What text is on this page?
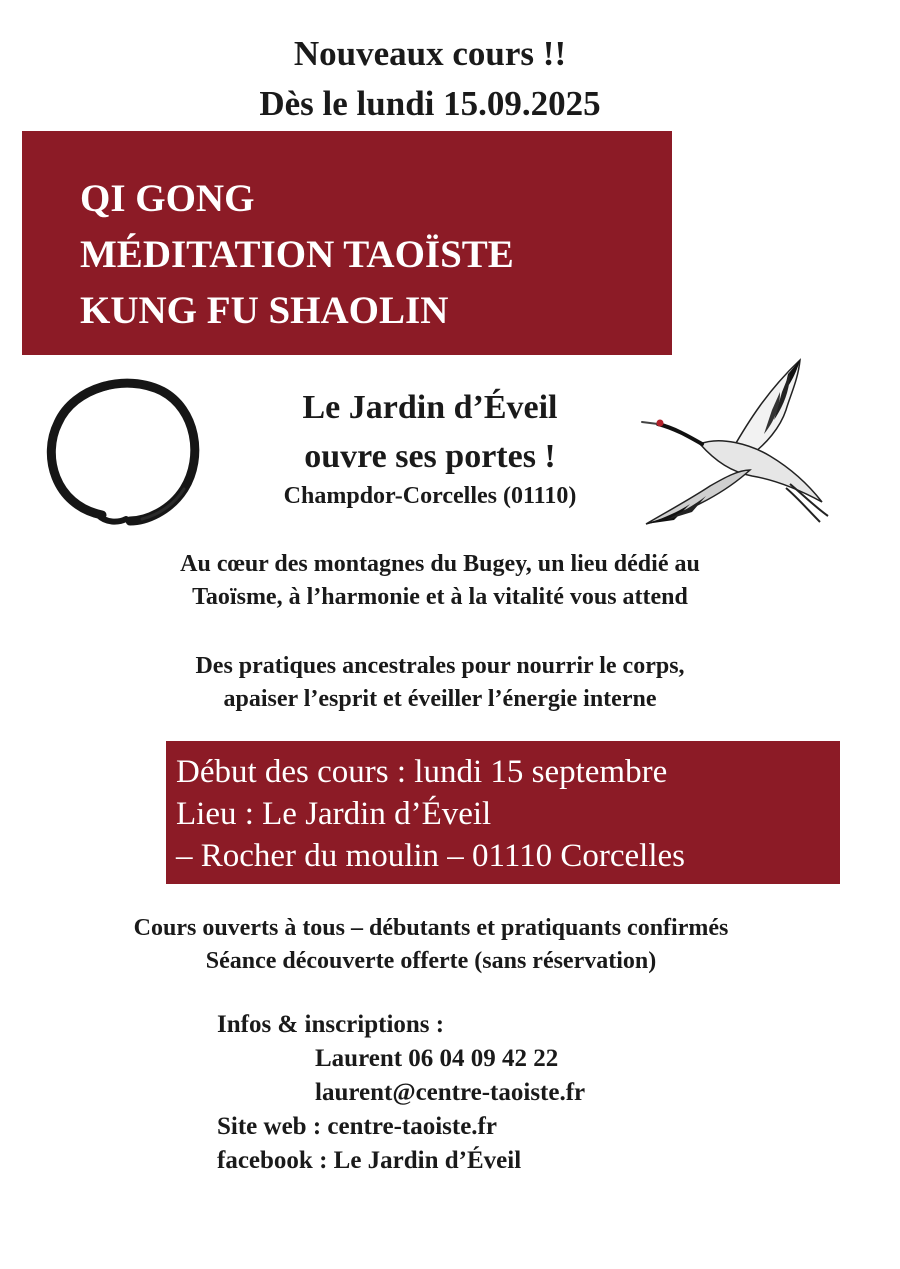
Nouveaux cours !!
Dès le lundi 15.09.2025
QI GONG
MÉDITATION TAOÏSTE
KUNG FU SHAOLIN
Le Jardin d’Éveil
ouvre ses portes !
Champdor-Corcelles (01110)
Au cœur des montagnes du Bugey, un lieu dédié au
Taoïsme, à l’harmonie et à la vitalité vous attend
Des pratiques ancestrales pour nourrir le corps,
apaiser l’esprit et éveiller l’énergie interne
Début des cours : lundi 15 septembre
Lieu : Le Jardin d’Éveil
– Rocher du moulin – 01110 Corcelles
Cours ouverts à tous – débutants et pratiquants confirmés
Séance découverte offerte (sans réservation)
Infos & inscriptions :
Laurent 06 04 09 42 22
laurent@centre-taoiste.fr
Site web : centre-taoiste.fr
facebook : Le Jardin d’Éveil
